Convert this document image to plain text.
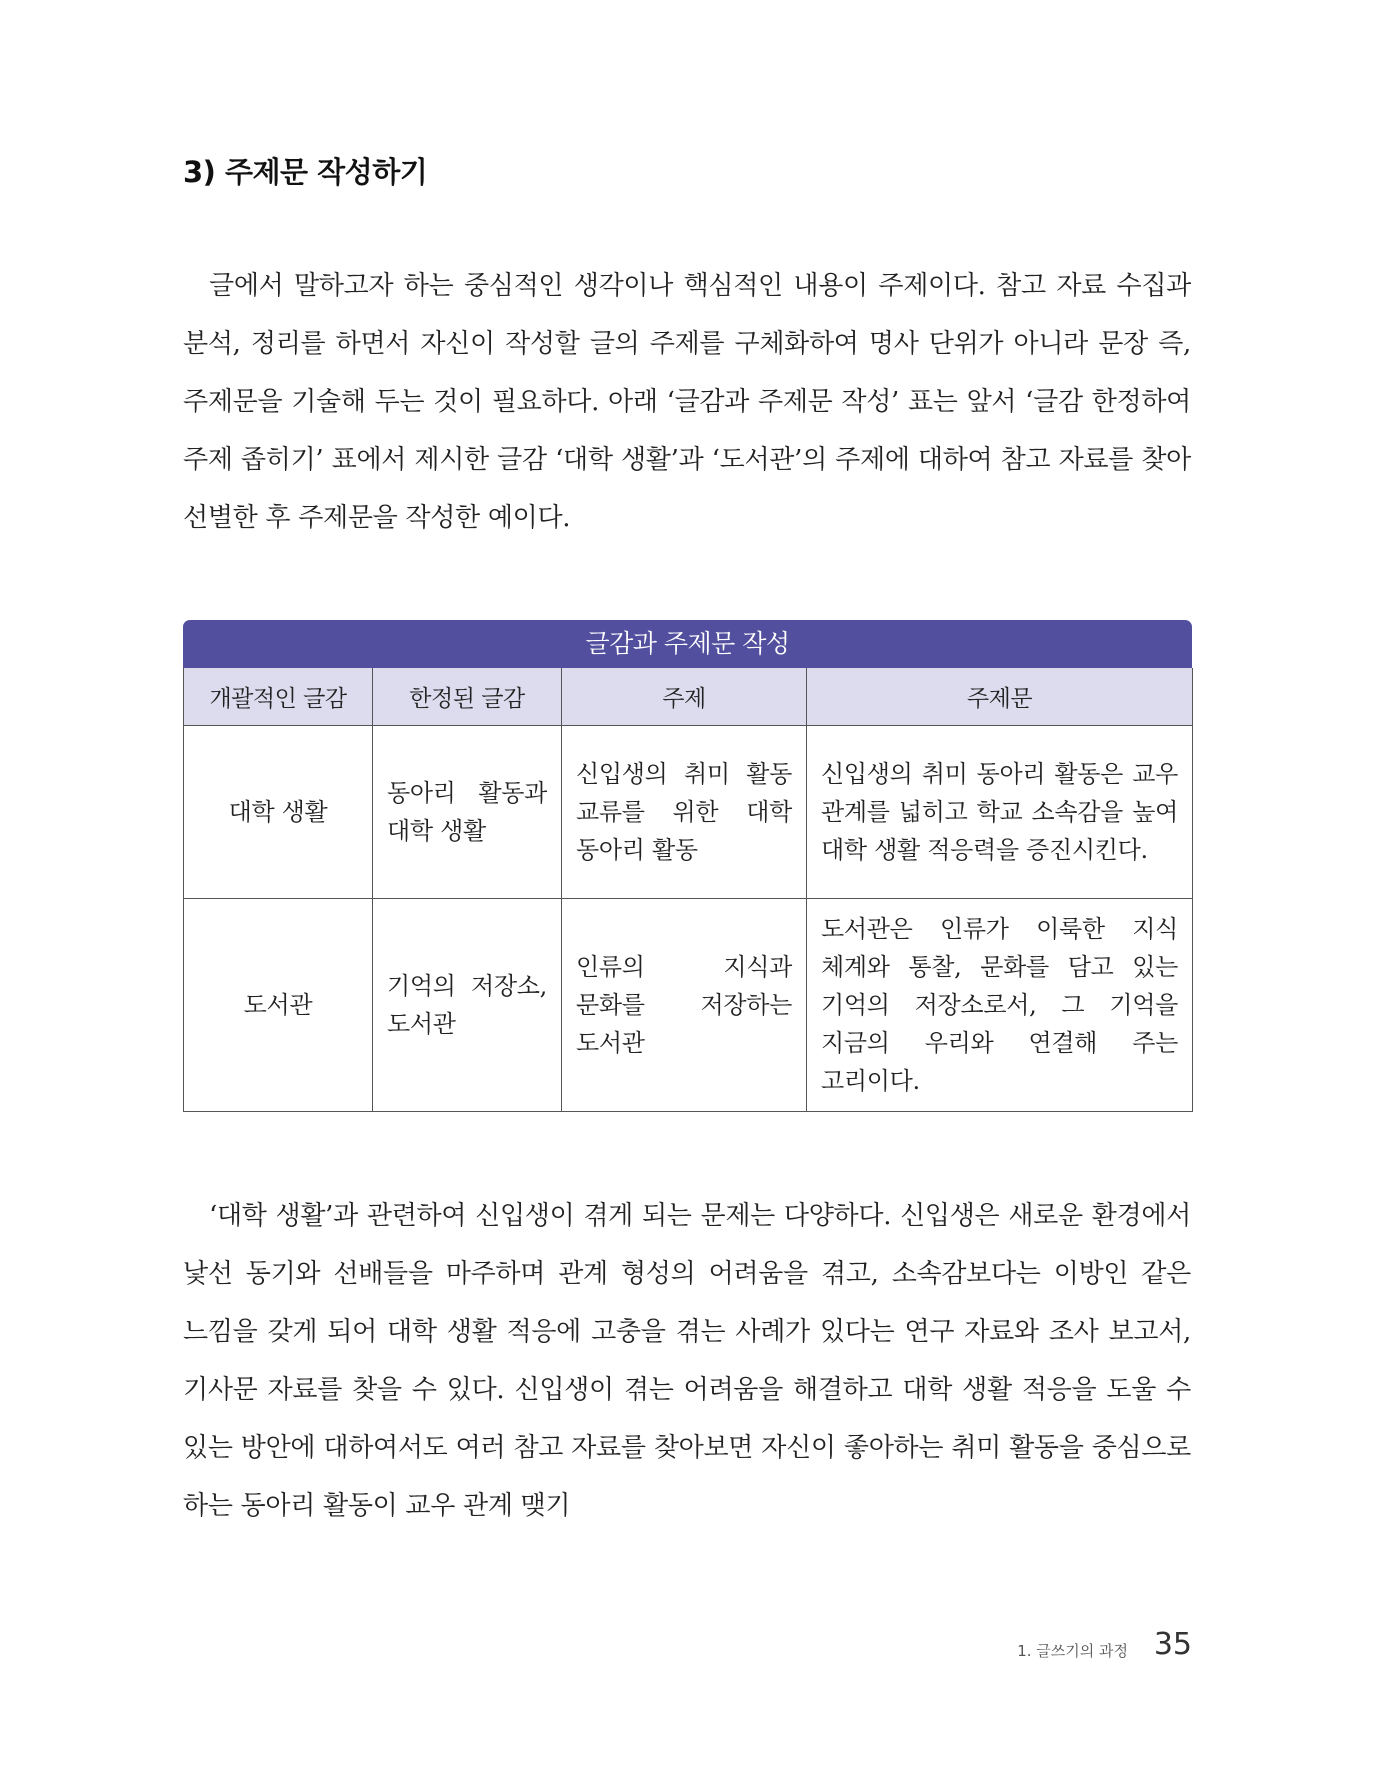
3) 주제문 작성하기

글에서 말하고자 하는 중심적인 생각이나 핵심적인 내용이 주제이다. 참고 자료 수집과 분석, 정리를 하면서 자신이 작성할 글의 주제를 구체화하여 명사 단위가 아니라 문장 즉, 주제문을 기술해 두는 것이 필요하다. 아래 ‘글감과 주제문 작성’ 표는 앞서 ‘글감 한정하여 주제 좁히기’ 표에서 제시한 글감 ‘대학 생활’과 ‘도서관’의 주제에 대하여 참고 자료를 찾아 선별한 후 주제문을 작성한 예이다.

글감과 주제문 작성
개괄적인 글감	한정된 글감	주제	주제문
대학 생활	동아리 활동과 대학 생활	신입생의 취미 활동 교류를 위한 대학 동아리 활동	신입생의 취미 동아리 활동은 교우 관계를 넓히고 학교 소속감을 높여 대학 생활 적응력을 증진시킨다.
도서관	기억의 저장소, 도서관	인류의 지식과 문화를 저장하는 도서관	도서관은 인류가 이룩한 지식 체계와 통찰, 문화를 담고 있는 기억의 저장소로서, 그 기억을 지금의 우리와 연결해 주는 고리이다.

‘대학 생활’과 관련하여 신입생이 겪게 되는 문제는 다양하다. 신입생은 새로운 환경에서 낯선 동기와 선배들을 마주하며 관계 형성의 어려움을 겪고, 소속감보다는 이방인 같은 느낌을 갖게 되어 대학 생활 적응에 고충을 겪는 사례가 있다는 연구 자료와 조사 보고서, 기사문 자료를 찾을 수 있다. 신입생이 겪는 어려움을 해결하고 대학 생활 적응을 도울 수 있는 방안에 대하여서도 여러 참고 자료를 찾아보면 자신이 좋아하는 취미 활동을 중심으로 하는 동아리 활동이 교우 관계 맺기

1. 글쓰기의 과정 35
